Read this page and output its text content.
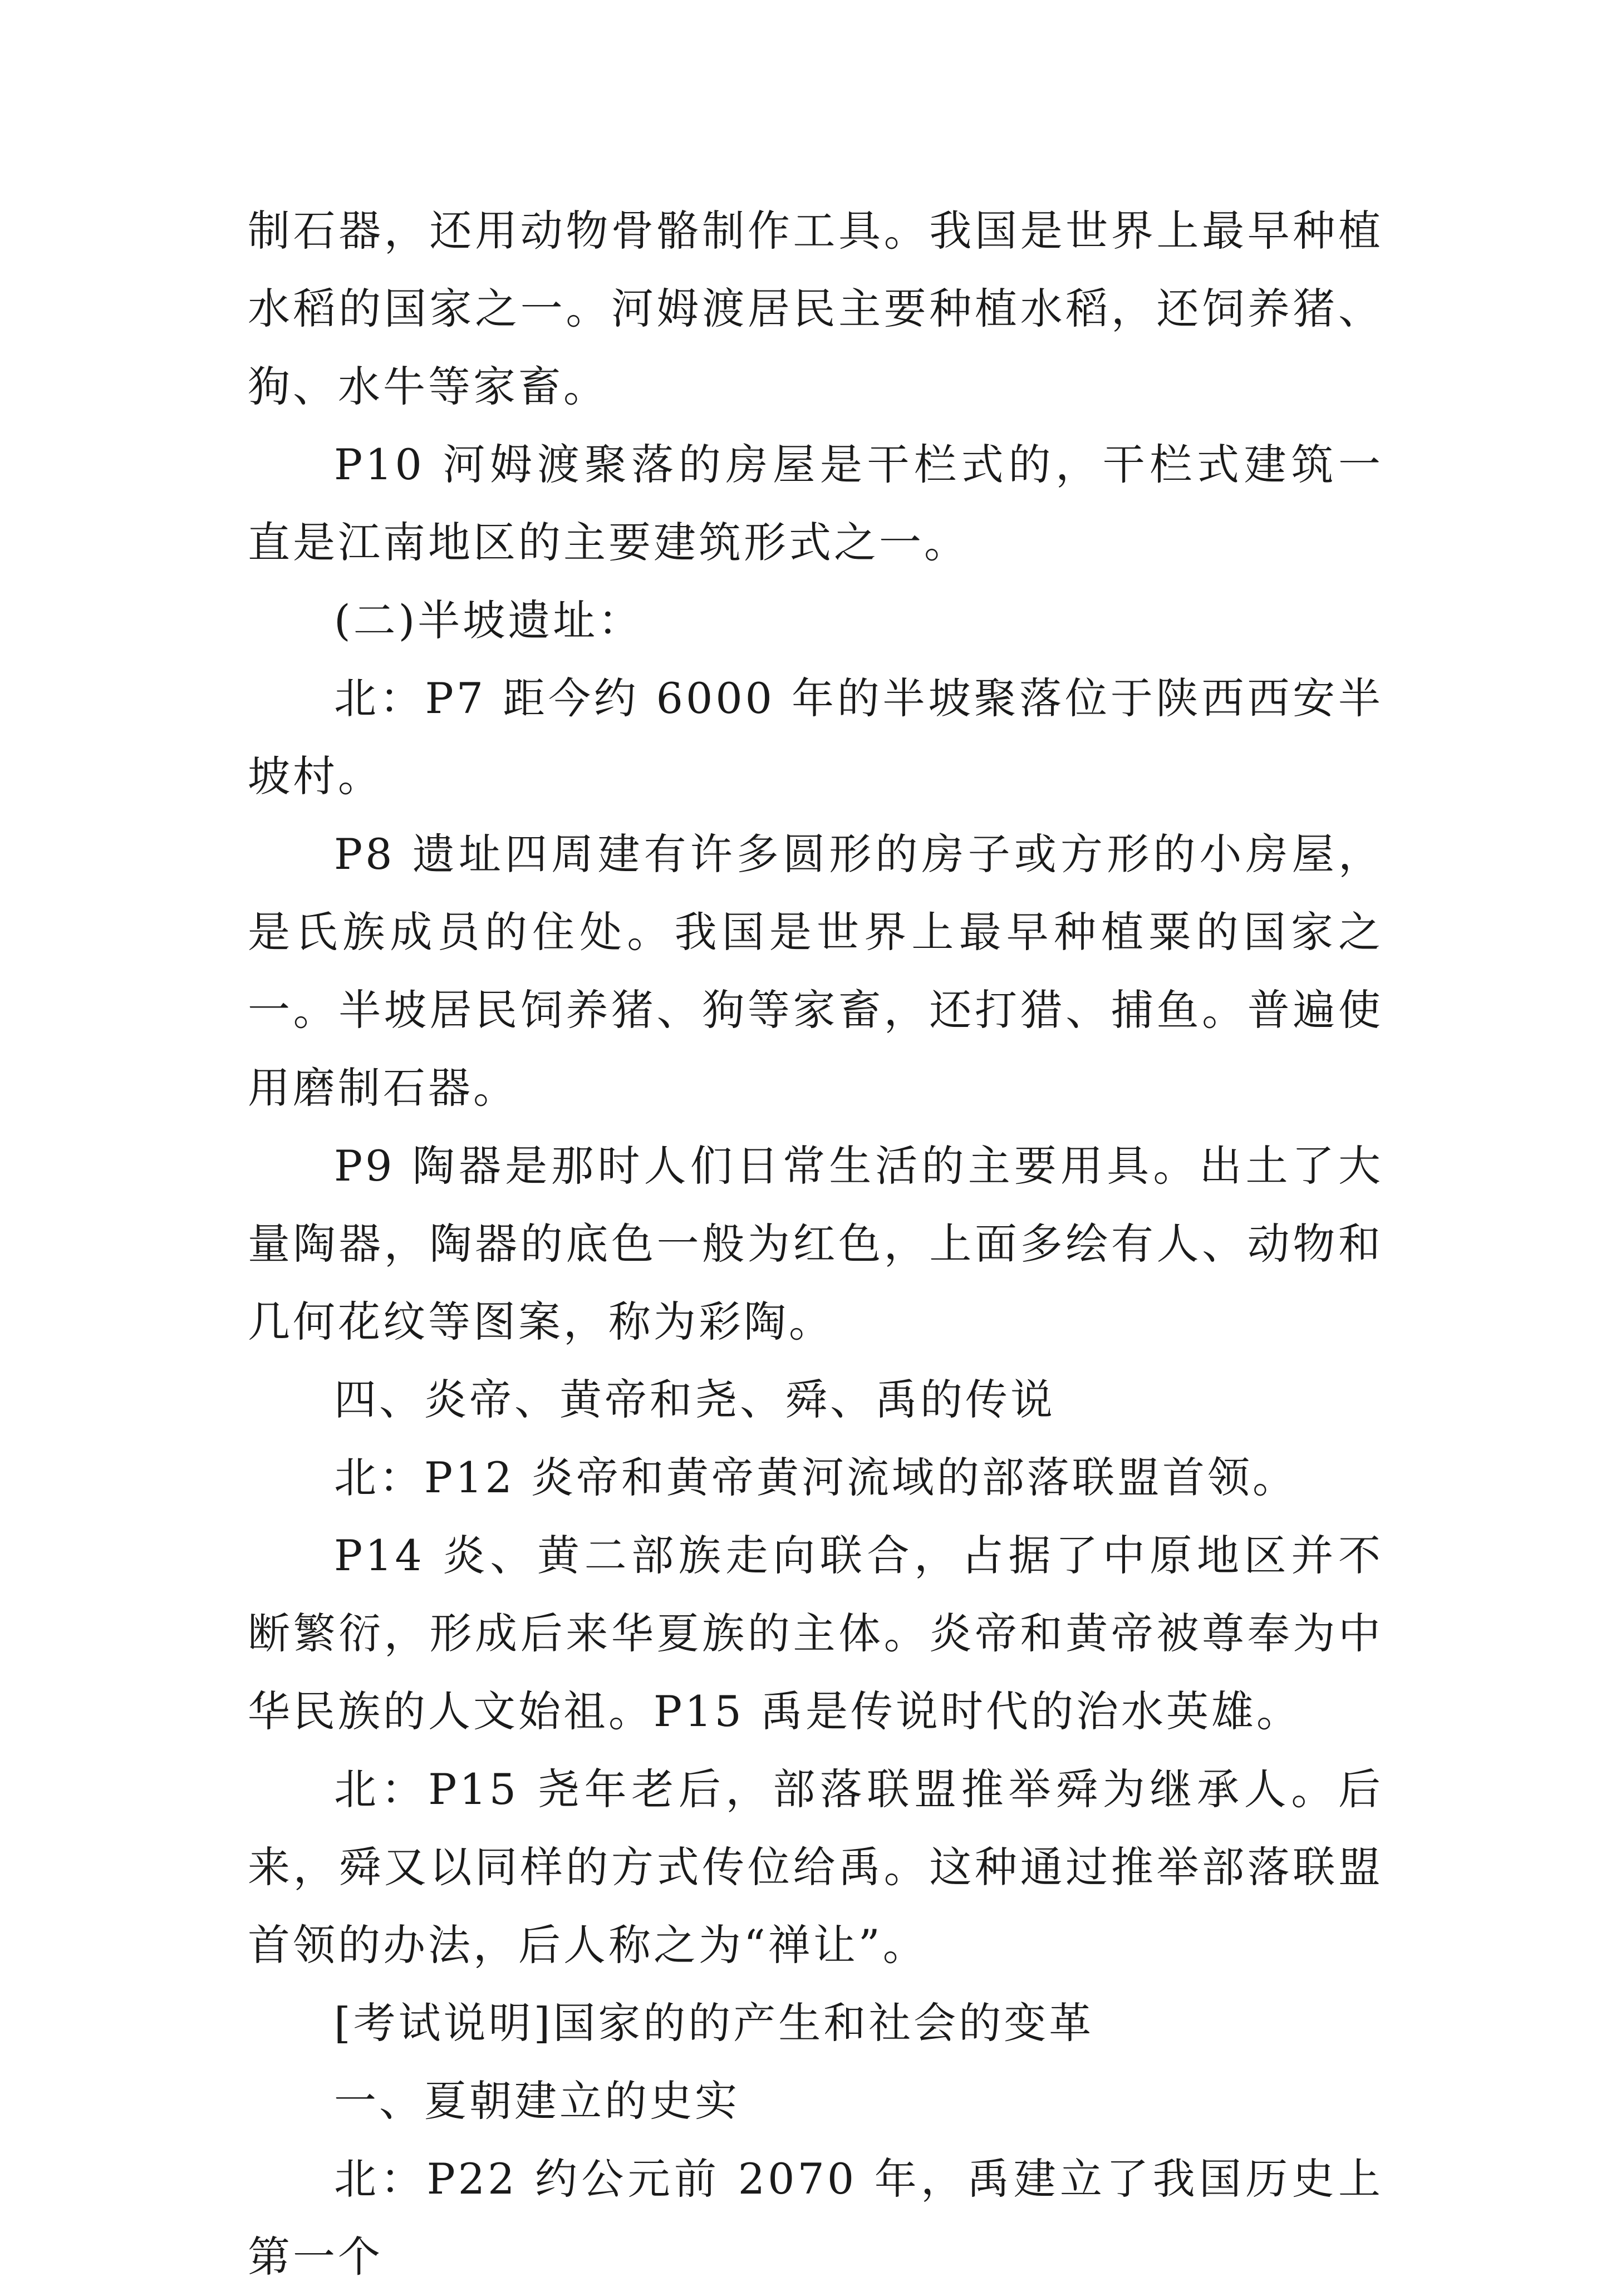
制石器，还用动物骨骼制作工具。我国是世界上最早种植水稻的国家之一。河姆渡居民主要种植水稻，还饲养猪、狗、水牛等家畜。

P10 河姆渡聚落的房屋是干栏式的，干栏式建筑一直是江南地区的主要建筑形式之一。

(二)半坡遗址：

北：P7 距今约 6000 年的半坡聚落位于陕西西安半坡村。

P8 遗址四周建有许多圆形的房子或方形的小房屋，是氏族成员的住处。我国是世界上最早种植粟的国家之一。半坡居民饲养猪、狗等家畜，还打猎、捕鱼。普遍使用磨制石器。

P9 陶器是那时人们日常生活的主要用具。出土了大量陶器，陶器的底色一般为红色，上面多绘有人、动物和几何花纹等图案，称为彩陶。

四、炎帝、黄帝和尧、舜、禹的传说

北：P12 炎帝和黄帝黄河流域的部落联盟首领。

P14 炎、黄二部族走向联合，占据了中原地区并不断繁衍，形成后来华夏族的主体。炎帝和黄帝被尊奉为中华民族的人文始祖。P15 禹是传说时代的治水英雄。

北：P15 尧年老后，部落联盟推举舜为继承人。后来，舜又以同样的方式传位给禹。这种通过推举部落联盟首领的办法，后人称之为“禅让”。

[考试说明]国家的的产生和社会的变革

一、夏朝建立的史实

北：P22 约公元前 2070 年，禹建立了我国历史上第一个
